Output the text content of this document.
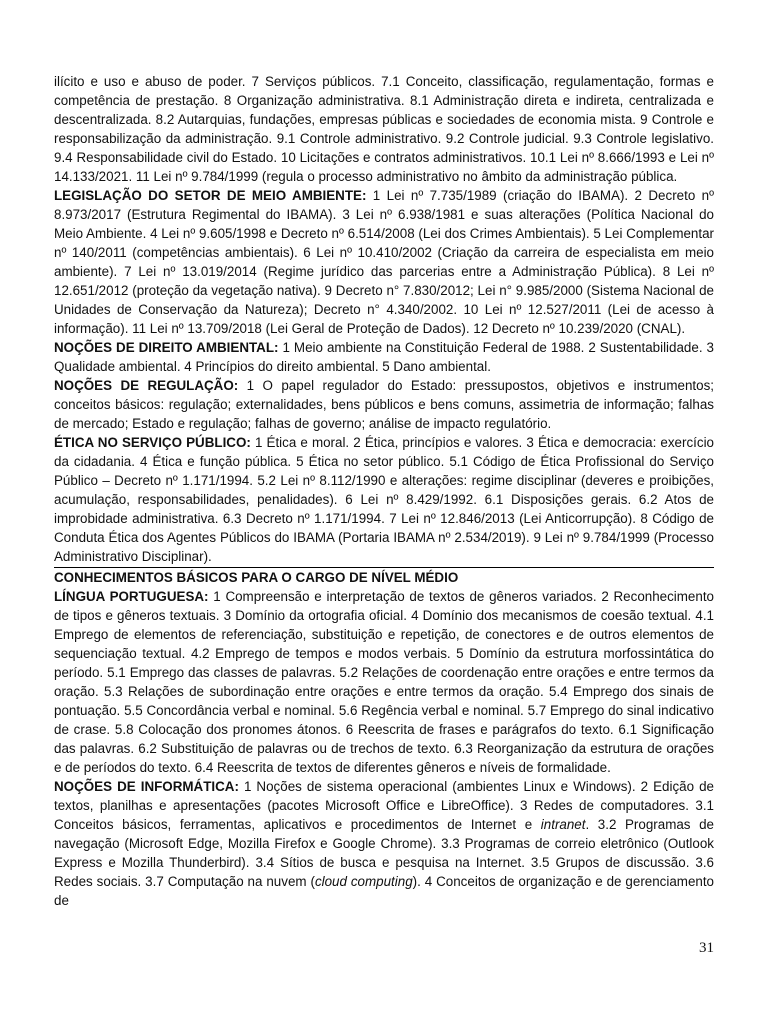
ilícito e uso e abuso de poder. 7 Serviços públicos. 7.1 Conceito, classificação, regulamentação, formas e competência de prestação. 8 Organização administrativa. 8.1 Administração direta e indireta, centralizada e descentralizada. 8.2 Autarquias, fundações, empresas públicas e sociedades de economia mista. 9 Controle e responsabilização da administração. 9.1 Controle administrativo. 9.2 Controle judicial. 9.3 Controle legislativo. 9.4 Responsabilidade civil do Estado. 10 Licitações e contratos administrativos. 10.1 Lei nº 8.666/1993 e Lei nº 14.133/2021. 11 Lei nº 9.784/1999 (regula o processo administrativo no âmbito da administração pública.

LEGISLAÇÃO DO SETOR DE MEIO AMBIENTE: 1 Lei nº 7.735/1989 (criação do IBAMA). 2 Decreto nº 8.973/2017 (Estrutura Regimental do IBAMA). 3 Lei nº 6.938/1981 e suas alterações (Política Nacional do Meio Ambiente. 4 Lei nº 9.605/1998 e Decreto nº 6.514/2008 (Lei dos Crimes Ambientais). 5 Lei Complementar nº 140/2011 (competências ambientais). 6 Lei nº 10.410/2002 (Criação da carreira de especialista em meio ambiente). 7 Lei nº 13.019/2014 (Regime jurídico das parcerias entre a Administração Pública). 8 Lei nº 12.651/2012 (proteção da vegetação nativa). 9 Decreto n° 7.830/2012; Lei n° 9.985/2000 (Sistema Nacional de Unidades de Conservação da Natureza); Decreto n° 4.340/2002. 10 Lei nº 12.527/2011 (Lei de acesso à informação). 11 Lei nº 13.709/2018 (Lei Geral de Proteção de Dados). 12 Decreto nº 10.239/2020 (CNAL).

NOÇÕES DE DIREITO AMBIENTAL: 1 Meio ambiente na Constituição Federal de 1988. 2 Sustentabilidade. 3 Qualidade ambiental. 4 Princípios do direito ambiental. 5 Dano ambiental.

NOÇÕES DE REGULAÇÃO: 1 O papel regulador do Estado: pressupostos, objetivos e instrumentos; conceitos básicos: regulação; externalidades, bens públicos e bens comuns, assimetria de informação; falhas de mercado; Estado e regulação; falhas de governo; análise de impacto regulatório.

ÉTICA NO SERVIÇO PÚBLICO: 1 Ética e moral. 2 Ética, princípios e valores. 3 Ética e democracia: exercício da cidadania. 4 Ética e função pública. 5 Ética no setor público. 5.1 Código de Ética Profissional do Serviço Público – Decreto nº 1.171/1994. 5.2 Lei nº 8.112/1990 e alterações: regime disciplinar (deveres e proibições, acumulação, responsabilidades, penalidades). 6 Lei nº 8.429/1992. 6.1 Disposições gerais. 6.2 Atos de improbidade administrativa. 6.3 Decreto nº 1.171/1994. 7 Lei nº 12.846/2013 (Lei Anticorrupção). 8 Código de Conduta Ética dos Agentes Públicos do IBAMA (Portaria IBAMA nº 2.534/2019). 9 Lei nº 9.784/1999 (Processo Administrativo Disciplinar).

CONHECIMENTOS BÁSICOS PARA O CARGO DE NÍVEL MÉDIO

LÍNGUA PORTUGUESA: 1 Compreensão e interpretação de textos de gêneros variados. 2 Reconhecimento de tipos e gêneros textuais. 3 Domínio da ortografia oficial. 4 Domínio dos mecanismos de coesão textual. 4.1 Emprego de elementos de referenciação, substituição e repetição, de conectores e de outros elementos de sequenciação textual. 4.2 Emprego de tempos e modos verbais. 5 Domínio da estrutura morfossintática do período. 5.1 Emprego das classes de palavras. 5.2 Relações de coordenação entre orações e entre termos da oração. 5.3 Relações de subordinação entre orações e entre termos da oração. 5.4 Emprego dos sinais de pontuação. 5.5 Concordância verbal e nominal. 5.6 Regência verbal e nominal. 5.7 Emprego do sinal indicativo de crase. 5.8 Colocação dos pronomes átonos. 6 Reescrita de frases e parágrafos do texto. 6.1 Significação das palavras. 6.2 Substituição de palavras ou de trechos de texto. 6.3 Reorganização da estrutura de orações e de períodos do texto. 6.4 Reescrita de textos de diferentes gêneros e níveis de formalidade.

NOÇÕES DE INFORMÁTICA: 1 Noções de sistema operacional (ambientes Linux e Windows). 2 Edição de textos, planilhas e apresentações (pacotes Microsoft Office e LibreOffice). 3 Redes de computadores. 3.1 Conceitos básicos, ferramentas, aplicativos e procedimentos de Internet e intranet. 3.2 Programas de navegação (Microsoft Edge, Mozilla Firefox e Google Chrome). 3.3 Programas de correio eletrônico (Outlook Express e Mozilla Thunderbird). 3.4 Sítios de busca e pesquisa na Internet. 3.5 Grupos de discussão. 3.6 Redes sociais. 3.7 Computação na nuvem (cloud computing). 4 Conceitos de organização e de gerenciamento de

31
